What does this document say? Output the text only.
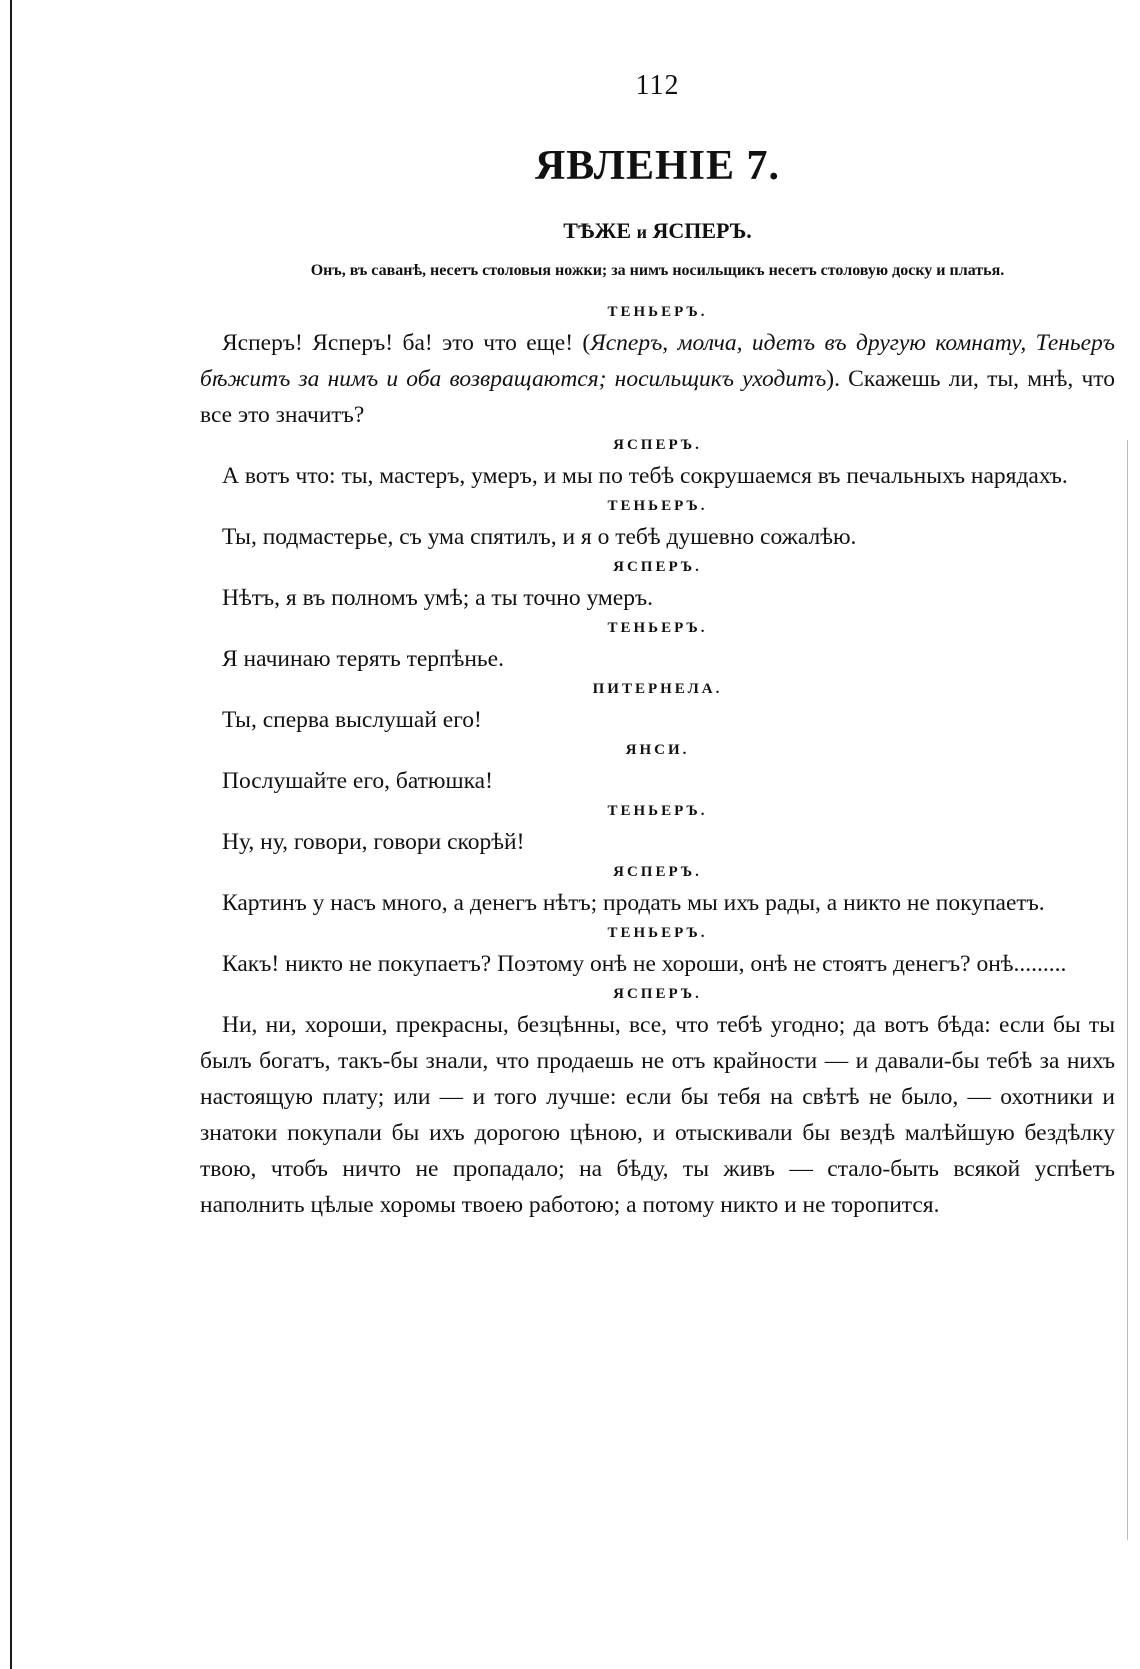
112
ЯВЛЕНІЕ 7.
ТѢЖЕ и ЯСПЕРЪ.
Онъ, въ саванѣ, несетъ столовыя ножки; за нимъ носильщикъ несетъ столовую доску и платья.
ТЕНЬЕРЪ.

Ясперъ! Ясперъ! ба! это что еще! (Ясперъ, молча, идетъ въ другую комнату, Теньеръ бѣжитъ за нимъ и оба возвращаются; носильщикъ уходитъ). Скажешь ли, ты, мнѣ, что все это значитъ?

ЯСПЕРЪ.

А вотъ что: ты, мастеръ, умеръ, и мы по тебѣ сокрушаемся въ печальныхъ нарядахъ.

ТЕНЬЕРЪ.

Ты, подмастерье, съ ума спятилъ, и я о тебѣ душевно сожалѣю.

ЯСПЕРЪ.

Нѣтъ, я въ полномъ умѣ; а ты точно умеръ.

ТЕНЬЕРЪ.

Я начинаю терять терпѣнье.

ПИТЕРНЕЛА.

Ты, сперва выслушай его!

ЯНСИ.

Послушайте его, батюшка!

ТЕНЬЕРЪ.

Ну, ну, говори, говори скорѣй!

ЯСПЕРЪ.

Картинъ у насъ много, а денегъ нѣтъ; продать мы ихъ рады, а никто не покупаетъ.

ТЕНЬЕРЪ.

Какъ! никто не покупаетъ? Поэтому онѣ не хороши, онѣ не стоятъ денегъ? онѣ.........

ЯСПЕРЪ.

Ни, ни, хороши, прекрасны, безцѣнны, все, что тебѣ угодно; да вотъ бѣда: если бы ты былъ богатъ, такъ-бы знали, что продаешь не отъ крайности — и давали-бы тебѣ за нихъ настоящую плату; или — и того лучше: если бы тебя на свѣтѣ не было, — охотники и знатоки покупали бы ихъ дорогою цѣною, и отыскивали бы вездѣ малѣйшую бездѣлку твою, чтобъ ничто не пропадало; на бѣду, ты живъ — стало-быть всякой успѣетъ наполнить цѣлые хоромы твоею работою; а потому никто и не торопится.
